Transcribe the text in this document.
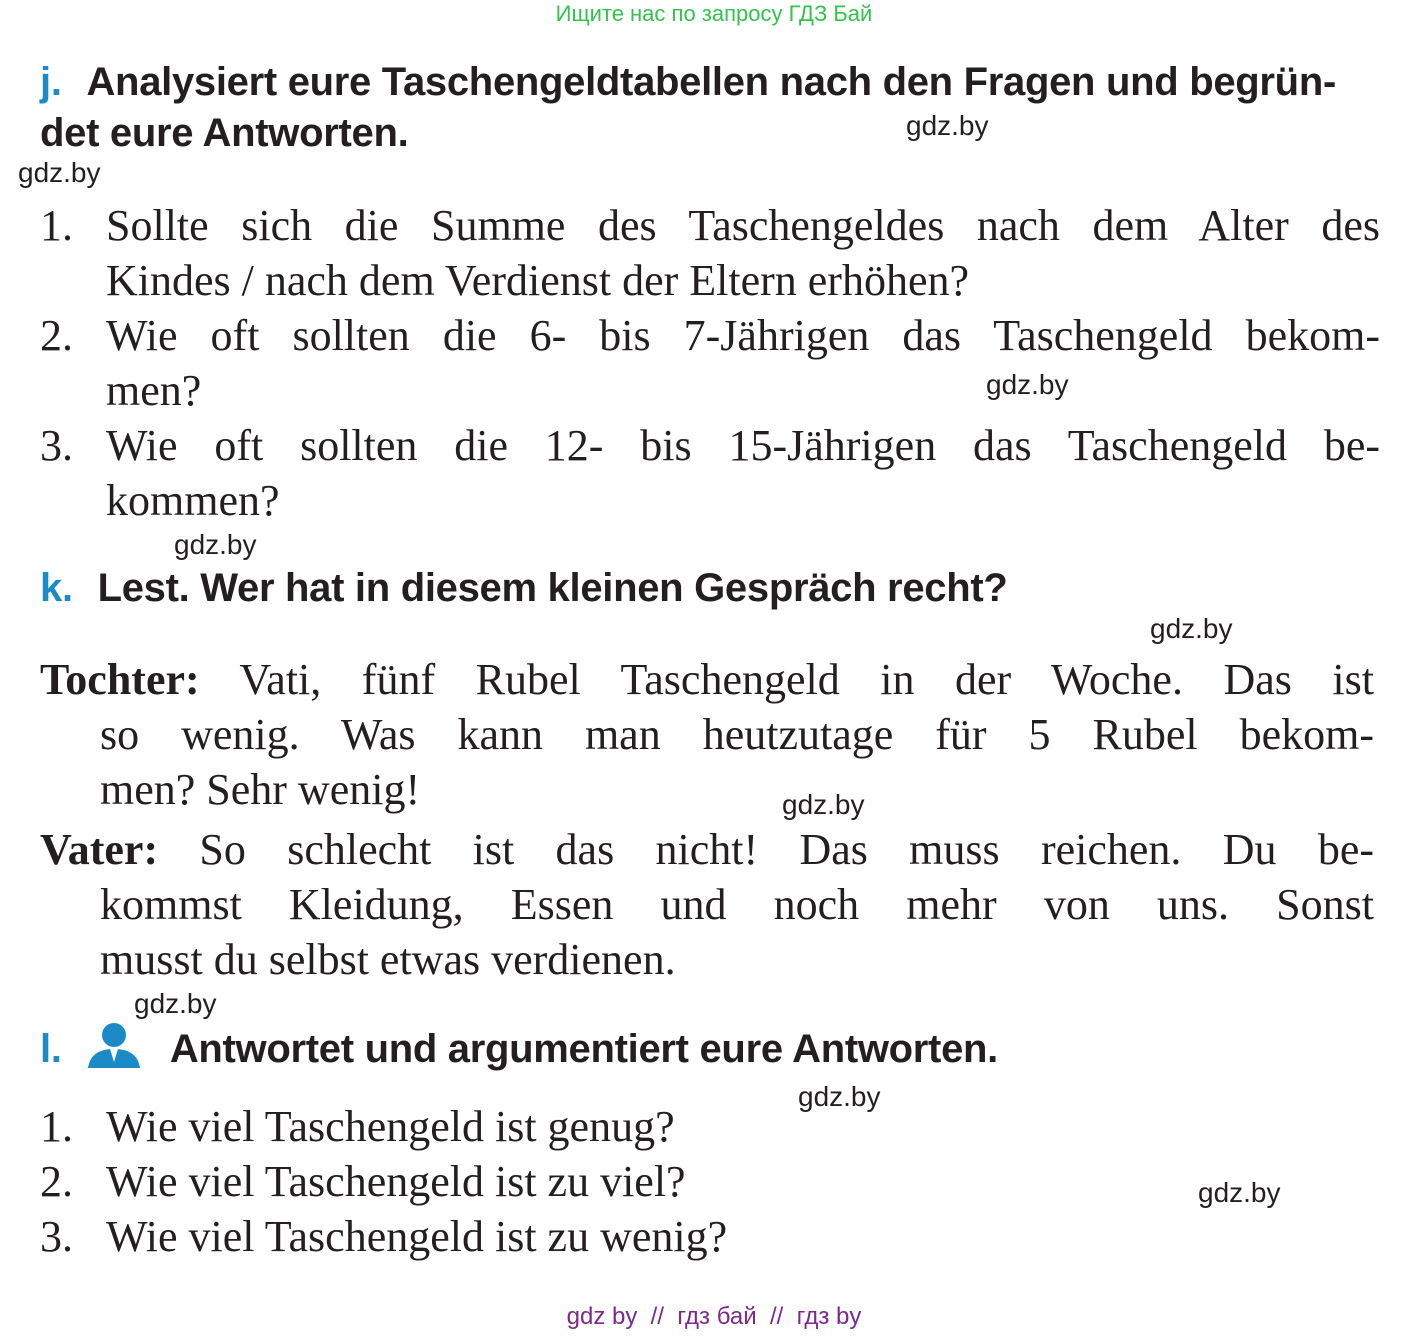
Ищите нас по запросу ГДЗ Бай
j. Analysiert eure Taschengeldtabellen nach den Fragen und begrün-
det eure Antworten.
1. Sollte sich die Summe des Taschengeldes nach dem Alter des
Kindes / nach dem Verdienst der Eltern erhöhen?
2. Wie oft sollten die 6- bis 7-Jährigen das Taschengeld bekom-
men?
3. Wie oft sollten die 12- bis 15-Jährigen das Taschengeld be-
kommen?
k. Lest. Wer hat in diesem kleinen Gespräch recht?
Tochter: Vati, fünf Rubel Taschengeld in der Woche. Das ist
so wenig. Was kann man heutzutage für 5 Rubel bekom-
men? Sehr wenig!
Vater: So schlecht ist das nicht! Das muss reichen. Du be-
kommst Kleidung, Essen und noch mehr von uns. Sonst
musst du selbst etwas verdienen.
l.	Antwortet und argumentiert eure Antworten.
1. Wie viel Taschengeld ist genug?
2. Wie viel Taschengeld ist zu viel?
3. Wie viel Taschengeld ist zu wenig?
gdz.by
gdz.by
gdz.by
gdz.by
gdz.by
gdz.by
gdz.by
gdz.by
gdz.by
gdz by  //  гдз бай  //  гдз by
